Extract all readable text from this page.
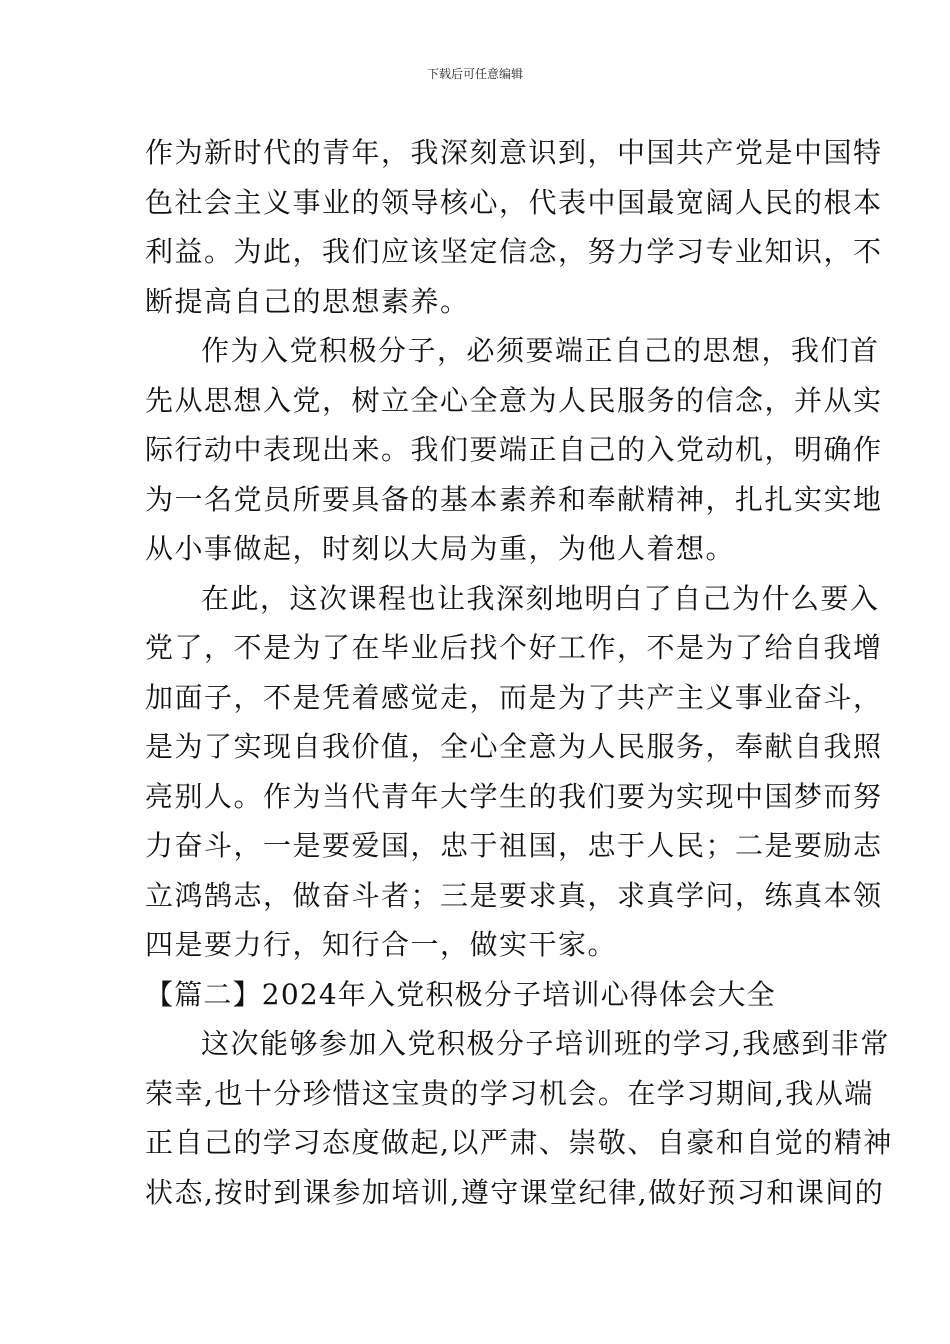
下载后可任意编辑

作为新时代的青年，我深刻意识到，中国共产党是中国特
色社会主义事业的领导核心，代表中国最宽阔人民的根本
利益。为此，我们应该坚定信念，努力学习专业知识，不
断提高自己的思想素养。

作为入党积极分子，必须要端正自己的思想，我们首
先从思想入党，树立全心全意为人民服务的信念，并从实
际行动中表现出来。我们要端正自己的入党动机，明确作
为一名党员所要具备的基本素养和奉献精神，扎扎实实地
从小事做起，时刻以大局为重，为他人着想。

在此，这次课程也让我深刻地明白了自己为什么要入
党了，不是为了在毕业后找个好工作，不是为了给自我增
加面子，不是凭着感觉走，而是为了共产主义事业奋斗，
是为了实现自我价值，全心全意为人民服务，奉献自我照
亮别人。作为当代青年大学生的我们要为实现中国梦而努
力奋斗，一是要爱国，忠于祖国，忠于人民；二是要励志
立鸿鹄志，做奋斗者；三是要求真，求真学问，练真本领
四是要力行，知行合一，做实干家。

【篇二】2024年入党积极分子培训心得体会大全

这次能够参加入党积极分子培训班的学习,我感到非常
荣幸,也十分珍惜这宝贵的学习机会。在学习期间,我从端
正自己的学习态度做起,以严肃、崇敬、自豪和自觉的精神
状态,按时到课参加培训,遵守课堂纪律,做好预习和课间的
